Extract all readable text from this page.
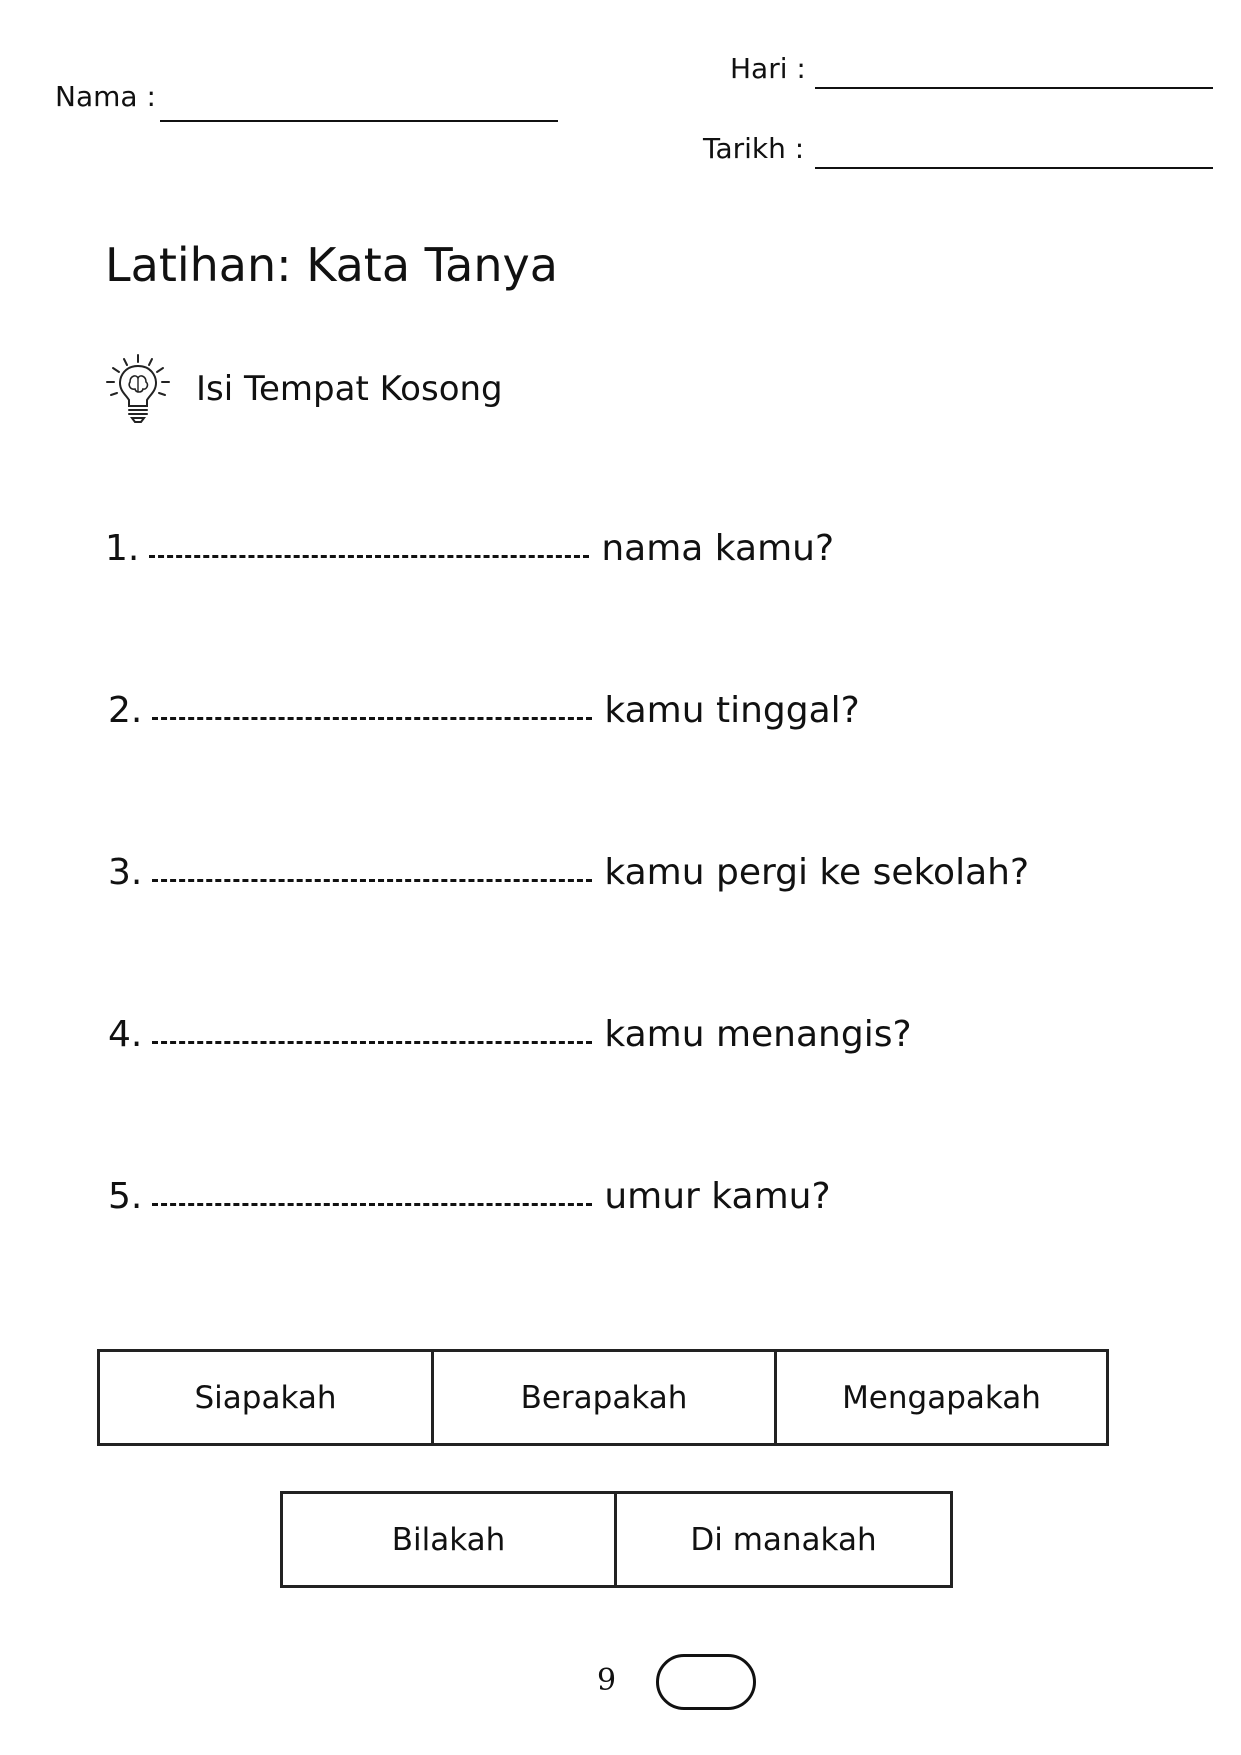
Nama :
Hari :
Tarikh :
Latihan: Kata Tanya
Isi Tempat Kosong
1.	nama kamu?
2.	kamu tinggal?
3.	kamu pergi ke sekolah?
4.	kamu menangis?
5.	umur kamu?
Siapakah	Berapakah	Mengapakah
Bilakah	Di manakah
9
